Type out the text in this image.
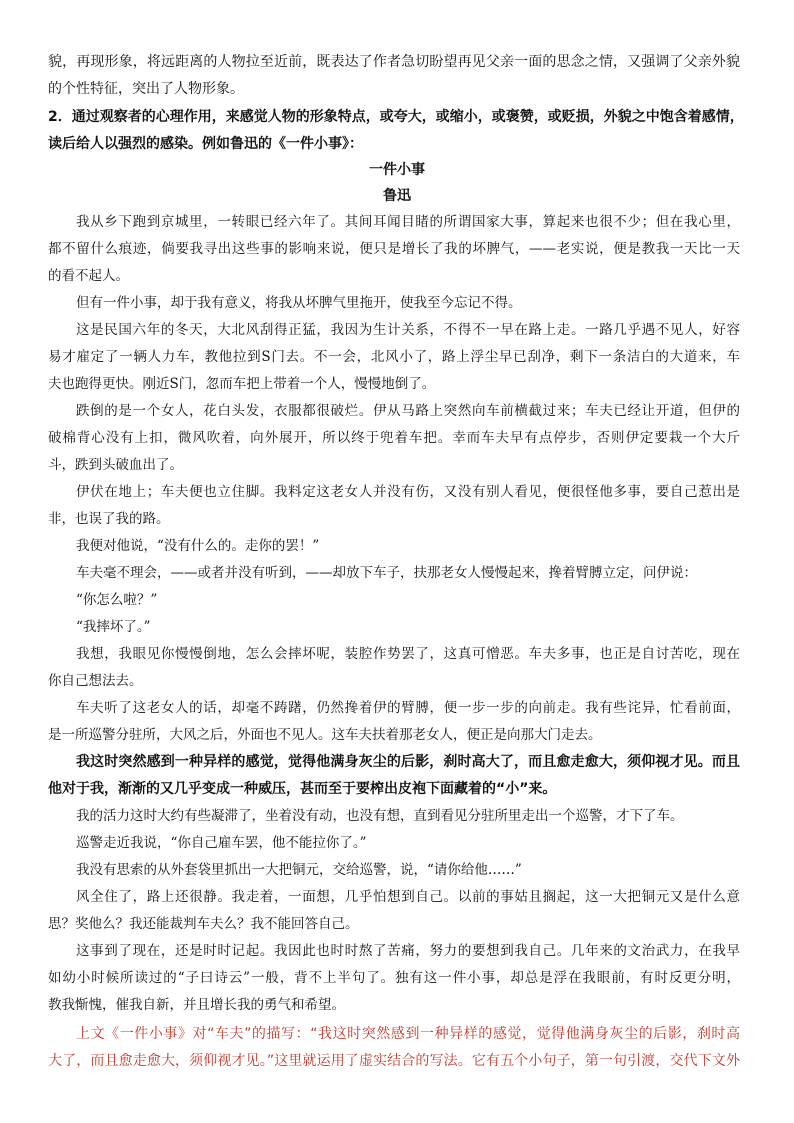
貌，再现形象，将远距离的人物拉至近前，既表达了作者急切盼望再见父亲一面的思念之情，又强调了父亲外貌
的个性特征，突出了人物形象。
2．通过观察者的心理作用，来感觉人物的形象特点，或夸大，或缩小，或褒赞，或贬损，外貌之中饱含着感情，
读后给人以强烈的感染。例如鲁迅的《一件小事》：
一件小事
鲁迅
我从乡下跑到京城里，一转眼已经六年了。其间耳闻目睹的所谓国家大事，算起来也很不少；但在我心里，
都不留什么痕迹，倘要我寻出这些事的影响来说，便只是增长了我的坏脾气，——老实说，便是教我一天比一天
的看不起人。
但有一件小事，却于我有意义，将我从坏脾气里拖开，使我至今忘记不得。
这是民国六年的冬天，大北风刮得正猛，我因为生计关系，不得不一早在路上走。一路几乎遇不见人，好容
易才雇定了一辆人力车，教他拉到S门去。不一会，北风小了，路上浮尘早已刮净，剩下一条洁白的大道来，车
夫也跑得更快。刚近S门，忽而车把上带着一个人，慢慢地倒了。
跌倒的是一个女人，花白头发，衣服都很破烂。伊从马路上突然向车前横截过来；车夫已经让开道，但伊的
破棉背心没有上扣，微风吹着，向外展开，所以终于兜着车把。幸而车夫早有点停步，否则伊定要栽一个大斤
斗，跌到头破血出了。
伊伏在地上；车夫便也立住脚。我料定这老女人并没有伤，又没有别人看见，便很怪他多事，要自己惹出是
非，也误了我的路。
我便对他说，“没有什么的。走你的罢！”
车夫毫不理会，——或者并没有听到，——却放下车子，扶那老女人慢慢起来，搀着臂膊立定，问伊说：
“你怎么啦？”
“我摔坏了。”
我想，我眼见你慢慢倒地，怎么会摔坏呢，装腔作势罢了，这真可憎恶。车夫多事，也正是自讨苦吃，现在
你自己想法去。
车夫听了这老女人的话，却毫不踌躇，仍然搀着伊的臂膊，便一步一步的向前走。我有些诧异，忙看前面，
是一所巡警分驻所，大风之后，外面也不见人。这车夫扶着那老女人，便正是向那大门走去。
我这时突然感到一种异样的感觉，觉得他满身灰尘的后影，刹时高大了，而且愈走愈大，须仰视才见。而且
他对于我，渐渐的又几乎变成一种威压，甚而至于要榨出皮袍下面藏着的“小”来。
我的活力这时大约有些凝滞了，坐着没有动，也没有想，直到看见分驻所里走出一个巡警，才下了车。
巡警走近我说，“你自己雇车罢，他不能拉你了。”
我没有思索的从外套袋里抓出一大把铜元，交给巡警，说，“请你给他……”
风全住了，路上还很静。我走着，一面想，几乎怕想到自己。以前的事姑且搁起，这一大把铜元又是什么意
思？奖他么？我还能裁判车夫么？我不能回答自己。
这事到了现在，还是时时记起。我因此也时时熬了苦痛，努力的要想到我自己。几年来的文治武力，在我早
如幼小时候所读过的“子曰诗云”一般，背不上半句了。独有这一件小事，却总是浮在我眼前，有时反更分明，
教我惭愧，催我自新，并且增长我的勇气和希望。
上文《一件小事》对“车夫”的描写：“我这时突然感到一种异样的感觉，觉得他满身灰尘的后影，刹时高
大了，而且愈走愈大，须仰视才见。”这里就运用了虚实结合的写法。它有五个小句子，第一句引渡，交代下文外
